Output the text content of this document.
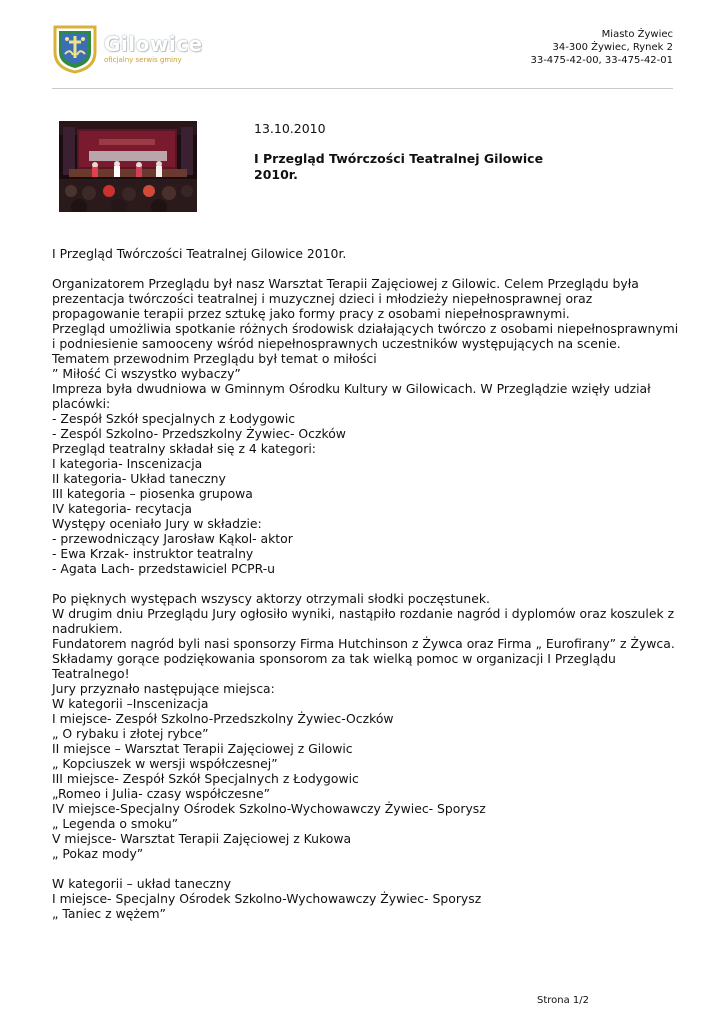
Gilowice
oficjalny serwis gminy
Miasto Żywiec
34-300 Żywiec, Rynek 2
33-475-42-00, 33-475-42-01
13.10.2010
I Przegląd Twórczości Teatralnej Gilowice
2010r.
I Przegląd Twórczości Teatralnej Gilowice 2010r.
Organizatorem Przeglądu był nasz Warsztat Terapii Zajęciowej z Gilowic. Celem Przeglądu była
prezentacja twórczości teatralnej i muzycznej dzieci i młodzieży niepełnosprawnej oraz
propagowanie terapii przez sztukę jako formy pracy z osobami niepełnosprawnymi.
Przegląd umożliwia spotkanie różnych środowisk działających twórczo z osobami niepełnosprawnymi
i podniesienie samooceny wśród niepełnosprawnych uczestników występujących na scenie.
Tematem przewodnim Przeglądu był temat o miłości
” Miłość Ci wszystko wybaczy”
Impreza była dwudniowa w Gminnym Ośrodku Kultury w Gilowicach. W Przeglądzie wzięły udział
placówki:
- Zespół Szkół specjalnych z Łodygowic
- Zespól Szkolno- Przedszkolny Żywiec- Oczków
Przegląd teatralny składał się z 4 kategori:
I kategoria- Inscenizacja
II kategoria- Układ taneczny
III kategoria – piosenka grupowa
IV kategoria- recytacja
Występy oceniało Jury w składzie:
- przewodniczący Jarosław Kąkol- aktor
- Ewa Krzak- instruktor teatralny
- Agata Lach- przedstawiciel PCPR-u
Po pięknych występach wszyscy aktorzy otrzymali słodki poczęstunek.
W drugim dniu Przeglądu Jury ogłosiło wyniki, nastąpiło rozdanie nagród i dyplomów oraz koszulek z
nadrukiem.
Fundatorem nagród byli nasi sponsorzy Firma Hutchinson z Żywca oraz Firma „ Eurofirany” z Żywca.
Składamy gorące podziękowania sponsorom za tak wielką pomoc w organizacji I Przeglądu
Teatralnego!
Jury przyznało następujące miejsca:
W kategorii –Inscenizacja
I miejsce- Zespół Szkolno-Przedszkolny Żywiec-Oczków
„ O rybaku i złotej rybce”
II miejsce – Warsztat Terapii Zajęciowej z Gilowic
„ Kopciuszek w wersji współczesnej”
III miejsce- Zespół Szkół Specjalnych z Łodygowic
„Romeo i Julia- czasy współczesne”
IV miejsce-Specjalny Ośrodek Szkolno-Wychowawczy Żywiec- Sporysz
„ Legenda o smoku”
V miejsce- Warsztat Terapii Zajęciowej z Kukowa
„ Pokaz mody”
W kategorii – układ taneczny
I miejsce- Specjalny Ośrodek Szkolno-Wychowawczy Żywiec- Sporysz
„ Taniec z wężem”
Strona 1/2
